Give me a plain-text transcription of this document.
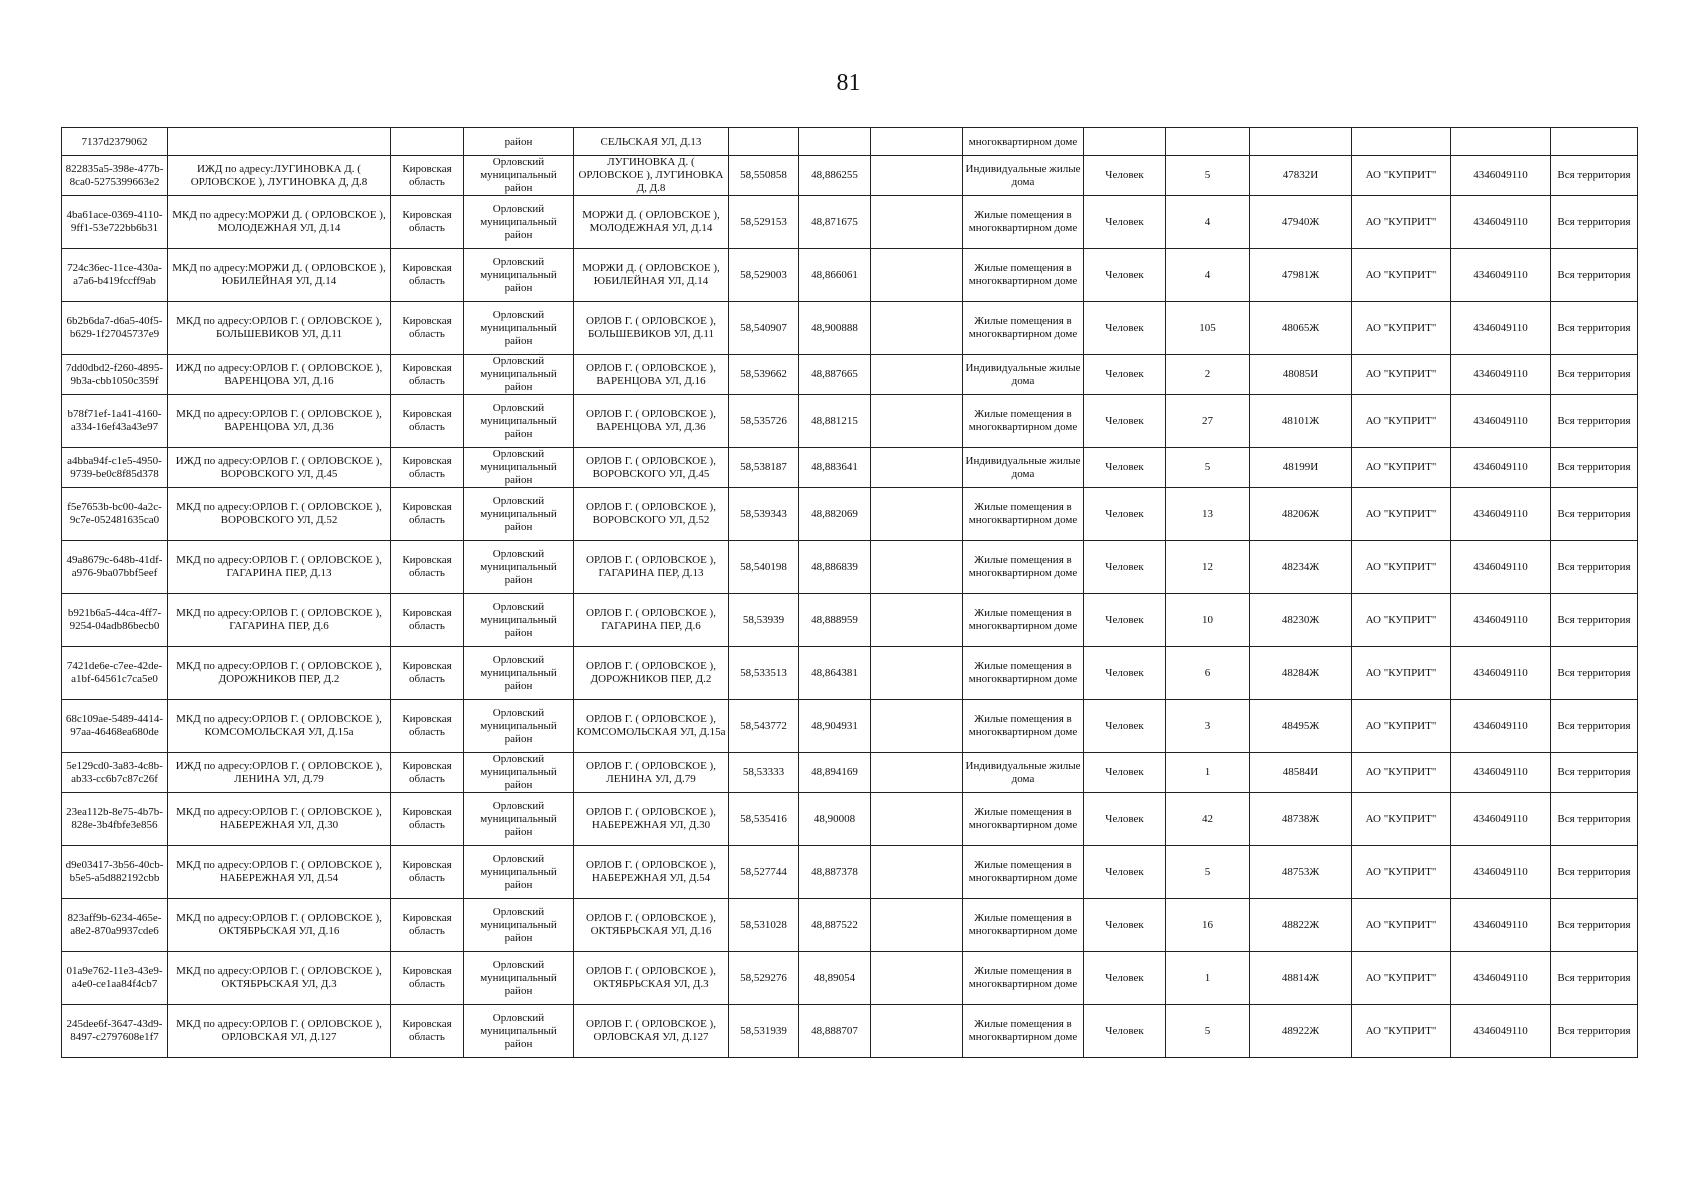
81
7137d2379062			район	СЕЛЬСКАЯ УЛ, Д.13				многоквартирном доме						
822835a5-398e-477b-8ca0-5275399663e2	ИЖД по адресу:ЛУГИНОВКА Д. ( ОРЛОВСКОЕ ), ЛУГИНОВКА Д, Д.8	Кировская область	Орловский муниципальный район	ЛУГИНОВКА Д. ( ОРЛОВСКОЕ ), ЛУГИНОВКА Д, Д.8	58,550858	48,886255		Индивидуальные жилые дома	Человек	5	47832И	АО "КУПРИТ"	4346049110	Вся территория
4ba61ace-0369-4110-9ff1-53e722bb6b31	МКД по адресу:МОРЖИ Д. ( ОРЛОВСКОЕ ), МОЛОДЕЖНАЯ УЛ, Д.14	Кировская область	Орловский муниципальный район	МОРЖИ Д. ( ОРЛОВСКОЕ ), МОЛОДЕЖНАЯ УЛ, Д.14	58,529153	48,871675		Жилые помещения в многоквартирном доме	Человек	4	47940Ж	АО "КУПРИТ"	4346049110	Вся территория
724c36ec-11ce-430a-a7a6-b419fccff9ab	МКД по адресу:МОРЖИ Д. ( ОРЛОВСКОЕ ), ЮБИЛЕЙНАЯ УЛ, Д.14	Кировская область	Орловский муниципальный район	МОРЖИ Д. ( ОРЛОВСКОЕ ), ЮБИЛЕЙНАЯ УЛ, Д.14	58,529003	48,866061		Жилые помещения в многоквартирном доме	Человек	4	47981Ж	АО "КУПРИТ"	4346049110	Вся территория
6b2b6da7-d6a5-40f5-b629-1f27045737e9	МКД по адресу:ОРЛОВ Г. ( ОРЛОВСКОЕ ), БОЛЬШЕВИКОВ УЛ, Д.11	Кировская область	Орловский муниципальный район	ОРЛОВ Г. ( ОРЛОВСКОЕ ), БОЛЬШЕВИКОВ УЛ, Д.11	58,540907	48,900888		Жилые помещения в многоквартирном доме	Человек	105	48065Ж	АО "КУПРИТ"	4346049110	Вся территория
7dd0dbd2-f260-4895-9b3a-cbb1050c359f	ИЖД по адресу:ОРЛОВ Г. ( ОРЛОВСКОЕ ), ВАРЕНЦОВА УЛ, Д.16	Кировская область	Орловский муниципальный район	ОРЛОВ Г. ( ОРЛОВСКОЕ ), ВАРЕНЦОВА УЛ, Д.16	58,539662	48,887665		Индивидуальные жилые дома	Человек	2	48085И	АО "КУПРИТ"	4346049110	Вся территория
b78f71ef-1a41-4160-a334-16ef43a43e97	МКД по адресу:ОРЛОВ Г. ( ОРЛОВСКОЕ ), ВАРЕНЦОВА УЛ, Д.36	Кировская область	Орловский муниципальный район	ОРЛОВ Г. ( ОРЛОВСКОЕ ), ВАРЕНЦОВА УЛ, Д.36	58,535726	48,881215		Жилые помещения в многоквартирном доме	Человек	27	48101Ж	АО "КУПРИТ"	4346049110	Вся территория
a4bba94f-c1e5-4950-9739-be0c8f85d378	ИЖД по адресу:ОРЛОВ Г. ( ОРЛОВСКОЕ ), ВОРОВСКОГО УЛ, Д.45	Кировская область	Орловский муниципальный район	ОРЛОВ Г. ( ОРЛОВСКОЕ ), ВОРОВСКОГО УЛ, Д.45	58,538187	48,883641		Индивидуальные жилые дома	Человек	5	48199И	АО "КУПРИТ"	4346049110	Вся территория
f5e7653b-bc00-4a2c-9c7e-052481635ca0	МКД по адресу:ОРЛОВ Г. ( ОРЛОВСКОЕ ), ВОРОВСКОГО УЛ, Д.52	Кировская область	Орловский муниципальный район	ОРЛОВ Г. ( ОРЛОВСКОЕ ), ВОРОВСКОГО УЛ, Д.52	58,539343	48,882069		Жилые помещения в многоквартирном доме	Человек	13	48206Ж	АО "КУПРИТ"	4346049110	Вся территория
49a8679c-648b-41df-a976-9ba07bbf5eef	МКД по адресу:ОРЛОВ Г. ( ОРЛОВСКОЕ ), ГАГАРИНА ПЕР, Д.13	Кировская область	Орловский муниципальный район	ОРЛОВ Г. ( ОРЛОВСКОЕ ), ГАГАРИНА ПЕР, Д.13	58,540198	48,886839		Жилые помещения в многоквартирном доме	Человек	12	48234Ж	АО "КУПРИТ"	4346049110	Вся территория
b921b6a5-44ca-4ff7-9254-04adb86becb0	МКД по адресу:ОРЛОВ Г. ( ОРЛОВСКОЕ ), ГАГАРИНА ПЕР, Д.6	Кировская область	Орловский муниципальный район	ОРЛОВ Г. ( ОРЛОВСКОЕ ), ГАГАРИНА ПЕР, Д.6	58,53939	48,888959		Жилые помещения в многоквартирном доме	Человек	10	48230Ж	АО "КУПРИТ"	4346049110	Вся территория
7421de6e-c7ee-42de-a1bf-64561c7ca5e0	МКД по адресу:ОРЛОВ Г. ( ОРЛОВСКОЕ ), ДОРОЖНИКОВ ПЕР, Д.2	Кировская область	Орловский муниципальный район	ОРЛОВ Г. ( ОРЛОВСКОЕ ), ДОРОЖНИКОВ ПЕР, Д.2	58,533513	48,864381		Жилые помещения в многоквартирном доме	Человек	6	48284Ж	АО "КУПРИТ"	4346049110	Вся территория
68c109ae-5489-4414-97aa-46468ea680de	МКД по адресу:ОРЛОВ Г. ( ОРЛОВСКОЕ ), КОМСОМОЛЬСКАЯ УЛ, Д.15а	Кировская область	Орловский муниципальный район	ОРЛОВ Г. ( ОРЛОВСКОЕ ), КОМСОМОЛЬСКАЯ УЛ, Д.15а	58,543772	48,904931		Жилые помещения в многоквартирном доме	Человек	3	48495Ж	АО "КУПРИТ"	4346049110	Вся территория
5e129cd0-3a83-4c8b-ab33-cc6b7c87c26f	ИЖД по адресу:ОРЛОВ Г. ( ОРЛОВСКОЕ ), ЛЕНИНА УЛ, Д.79	Кировская область	Орловский муниципальный район	ОРЛОВ Г. ( ОРЛОВСКОЕ ), ЛЕНИНА УЛ, Д.79	58,53333	48,894169		Индивидуальные жилые дома	Человек	1	48584И	АО "КУПРИТ"	4346049110	Вся территория
23ea112b-8e75-4b7b-828e-3b4fbfe3e856	МКД по адресу:ОРЛОВ Г. ( ОРЛОВСКОЕ ), НАБЕРЕЖНАЯ УЛ, Д.30	Кировская область	Орловский муниципальный район	ОРЛОВ Г. ( ОРЛОВСКОЕ ), НАБЕРЕЖНАЯ УЛ, Д.30	58,535416	48,90008		Жилые помещения в многоквартирном доме	Человек	42	48738Ж	АО "КУПРИТ"	4346049110	Вся территория
d9e03417-3b56-40cb-b5e5-a5d882192cbb	МКД по адресу:ОРЛОВ Г. ( ОРЛОВСКОЕ ), НАБЕРЕЖНАЯ УЛ, Д.54	Кировская область	Орловский муниципальный район	ОРЛОВ Г. ( ОРЛОВСКОЕ ), НАБЕРЕЖНАЯ УЛ, Д.54	58,527744	48,887378		Жилые помещения в многоквартирном доме	Человек	5	48753Ж	АО "КУПРИТ"	4346049110	Вся территория
823aff9b-6234-465e-a8e2-870a9937cde6	МКД по адресу:ОРЛОВ Г. ( ОРЛОВСКОЕ ), ОКТЯБРЬСКАЯ УЛ, Д.16	Кировская область	Орловский муниципальный район	ОРЛОВ Г. ( ОРЛОВСКОЕ ), ОКТЯБРЬСКАЯ УЛ, Д.16	58,531028	48,887522		Жилые помещения в многоквартирном доме	Человек	16	48822Ж	АО "КУПРИТ"	4346049110	Вся территория
01a9e762-11e3-43e9-a4e0-ce1aa84f4cb7	МКД по адресу:ОРЛОВ Г. ( ОРЛОВСКОЕ ), ОКТЯБРЬСКАЯ УЛ, Д.3	Кировская область	Орловский муниципальный район	ОРЛОВ Г. ( ОРЛОВСКОЕ ), ОКТЯБРЬСКАЯ УЛ, Д.3	58,529276	48,89054		Жилые помещения в многоквартирном доме	Человек	1	48814Ж	АО "КУПРИТ"	4346049110	Вся территория
245dee6f-3647-43d9-8497-c2797608e1f7	МКД по адресу:ОРЛОВ Г. ( ОРЛОВСКОЕ ), ОРЛОВСКАЯ УЛ, Д.127	Кировская область	Орловский муниципальный район	ОРЛОВ Г. ( ОРЛОВСКОЕ ), ОРЛОВСКАЯ УЛ, Д.127	58,531939	48,888707		Жилые помещения в многоквартирном доме	Человек	5	48922Ж	АО "КУПРИТ"	4346049110	Вся территория
